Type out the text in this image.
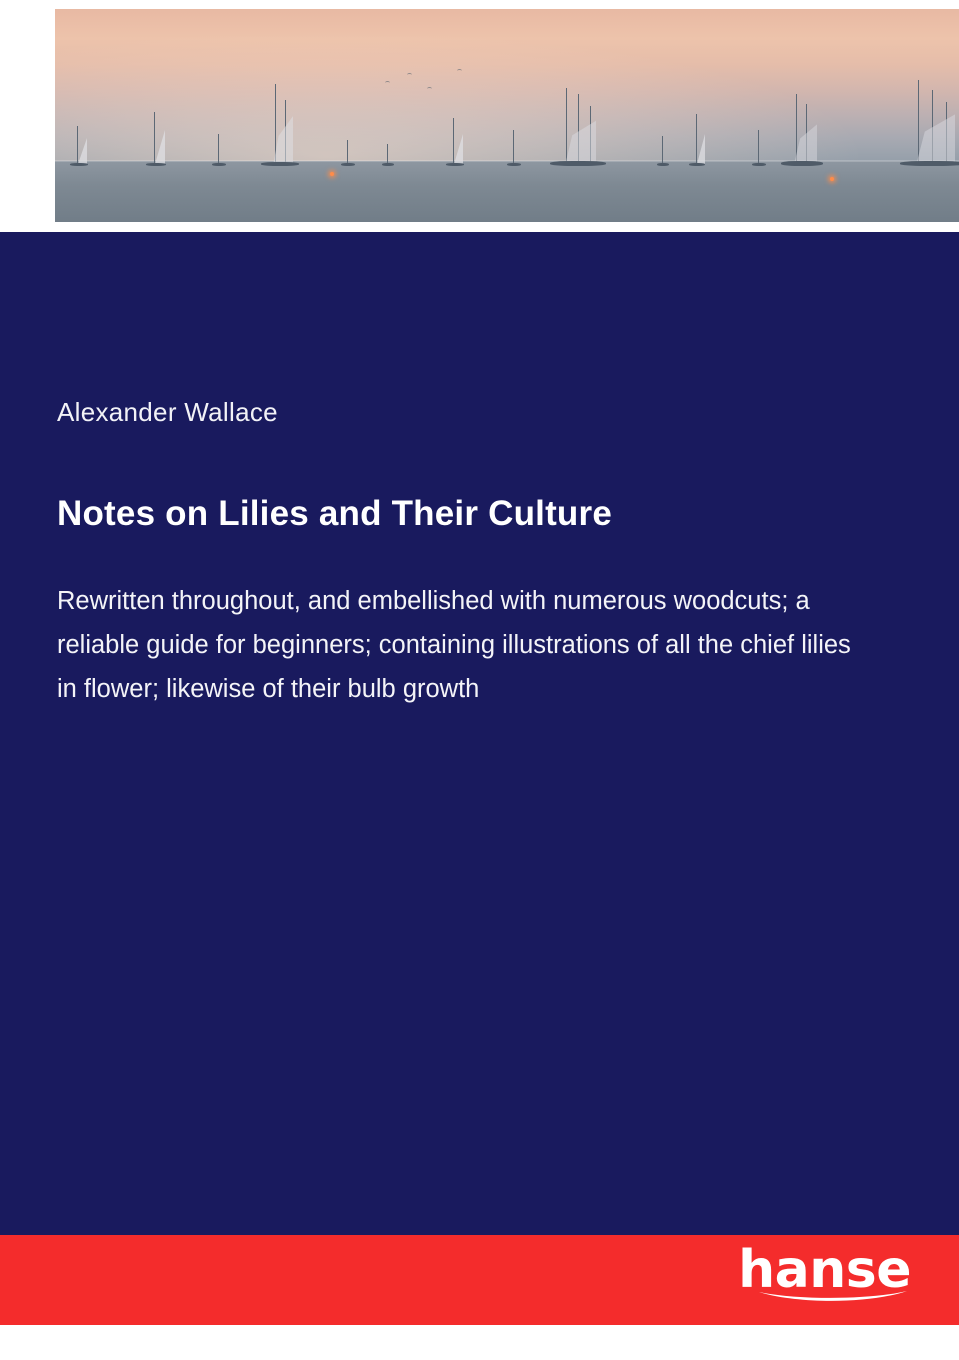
Alexander Wallace

Notes on Lilies and Their Culture

Rewritten throughout, and embellished with numerous woodcuts; a reliable guide for beginners; containing illustrations of all the chief lilies in flower; likewise of their bulb growth

hanse
